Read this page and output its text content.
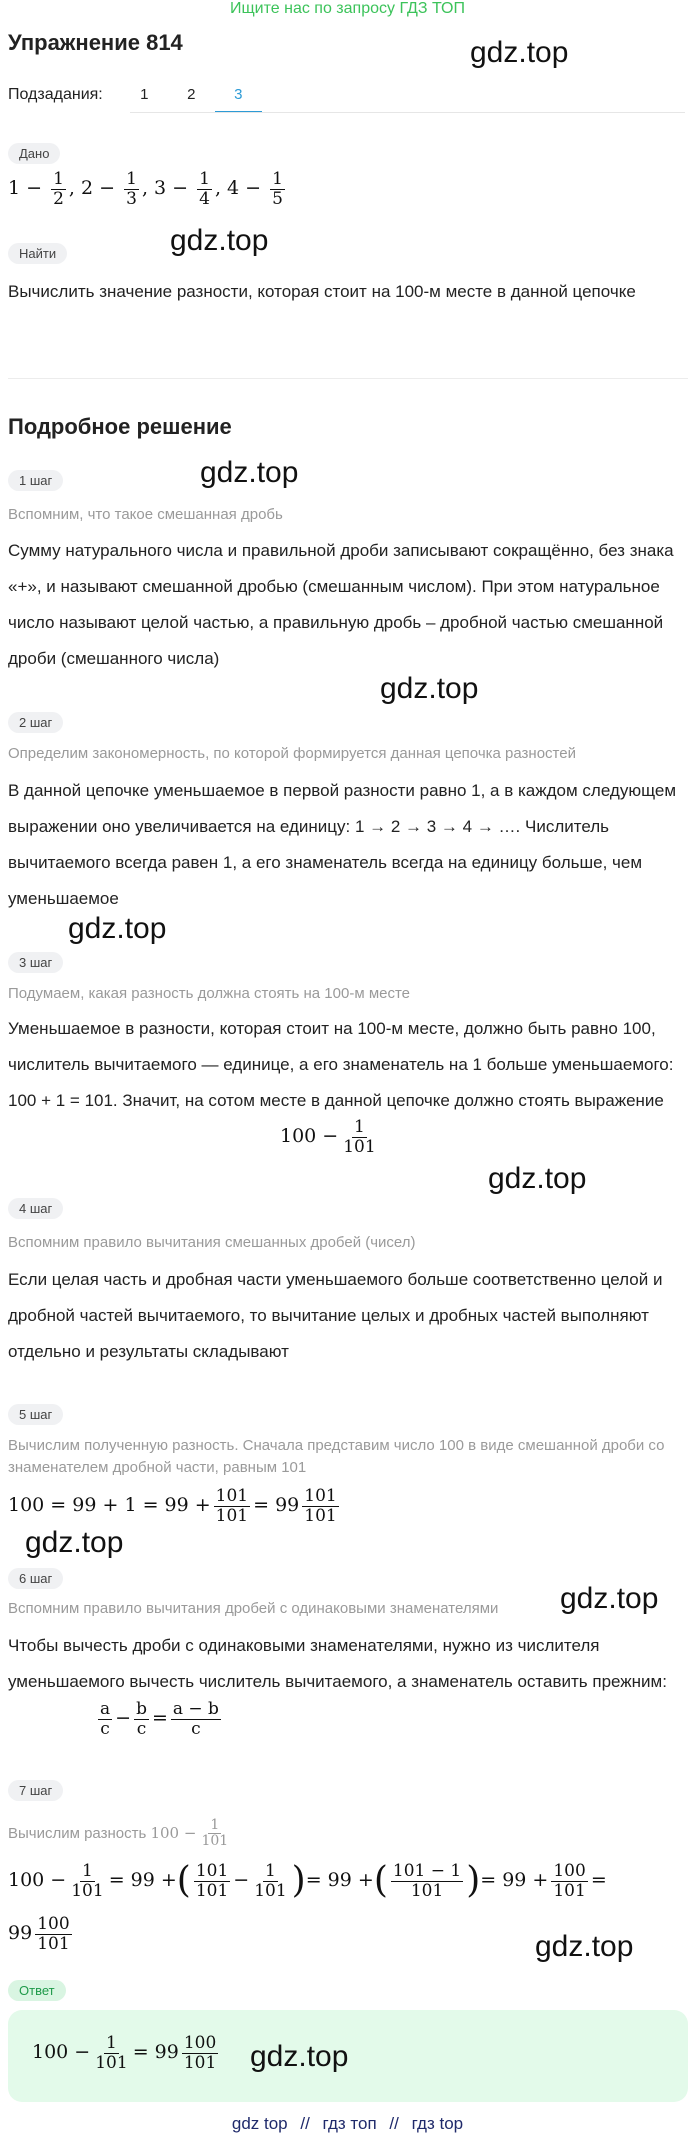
Ищите нас по запросу ГДЗ ТОП
Упражнение 814	gdz.top
Подзадания:	1	2	3
Дано
$1 - \frac{1}{2}$ , $2 - \frac{1}{3}$ , $3 - \frac{1}{4}$ , $4 - \frac{1}{5}$
Найти	gdz.top
Вычислить значение разности, которая стоит на 100-м месте в данной цепочке
Подробное решение
1 шаг	gdz.top
Вспомним, что такое смешанная дробь
Сумму натурального числа и правильной дроби записывают сокращённо, без знака «+», и называют смешанной дробью (смешанным числом). При этом натуральное число называют целой частью, а правильную дробь – дробной частью смешанной дроби (смешанного числа)
gdz.top
2 шаг
Определим закономерность, по которой формируется данная цепочка разностей
В данной цепочке уменьшаемое в первой разности равно 1, а в каждом следующем выражении оно увеличивается на единицу: 1 → 2 → 3 → 4 → …. Числитель вычитаемого всегда равен 1, а его знаменатель всегда на единицу больше, чем уменьшаемое
gdz.top
3 шаг
Подумаем, какая разность должна стоять на 100-м месте
Уменьшаемое в разности, которая стоит на 100-м месте, должно быть равно 100, числитель вычитаемого — единице, а его знаменатель на 1 больше уменьшаемого: 100 + 1 = 101. Значит, на сотом месте в данной цепочке должно стоять выражение
$100 - \frac{1}{101}$
gdz.top
4 шаг
Вспомним правило вычитания смешанных дробей (чисел)
Если целая часть и дробная части уменьшаемого больше соответственно целой и дробной частей вычитаемого, то вычитание целых и дробных частей выполняют отдельно и результаты складывают
5 шаг
Вычислим полученную разность. Сначала представим число 100 в виде смешанной дроби со знаменателем дробной части, равным 101
$100 = 99 + 1 = 99 + \frac{101}{101} = 99 \frac{101}{101}$
gdz.top
6 шаг
gdz.top
Вспомним правило вычитания дробей с одинаковыми знаменателями
Чтобы вычесть дроби с одинаковыми знаменателями, нужно из числителя уменьшаемого вычесть числитель вычитаемого, а знаменатель оставить прежним:
$\frac{a}{c} - \frac{b}{c} = \frac{a - b}{c}$
7 шаг
Вычислим разность
$100 - \frac{1}{101}$
$100 - \frac{1}{101} = 99$ +( $\frac{101}{101} - \frac{1}{101}$ )= 99 +( $\frac{101 - 1}{101}$ )= $99 + \frac{100}{101}$ =
$99 \frac{100}{101}$	gdz.top
Ответ
$100 - \frac{1}{101} = 99 \frac{100}{101} gdz.top$
gdz top // гдз топ // гдз top
